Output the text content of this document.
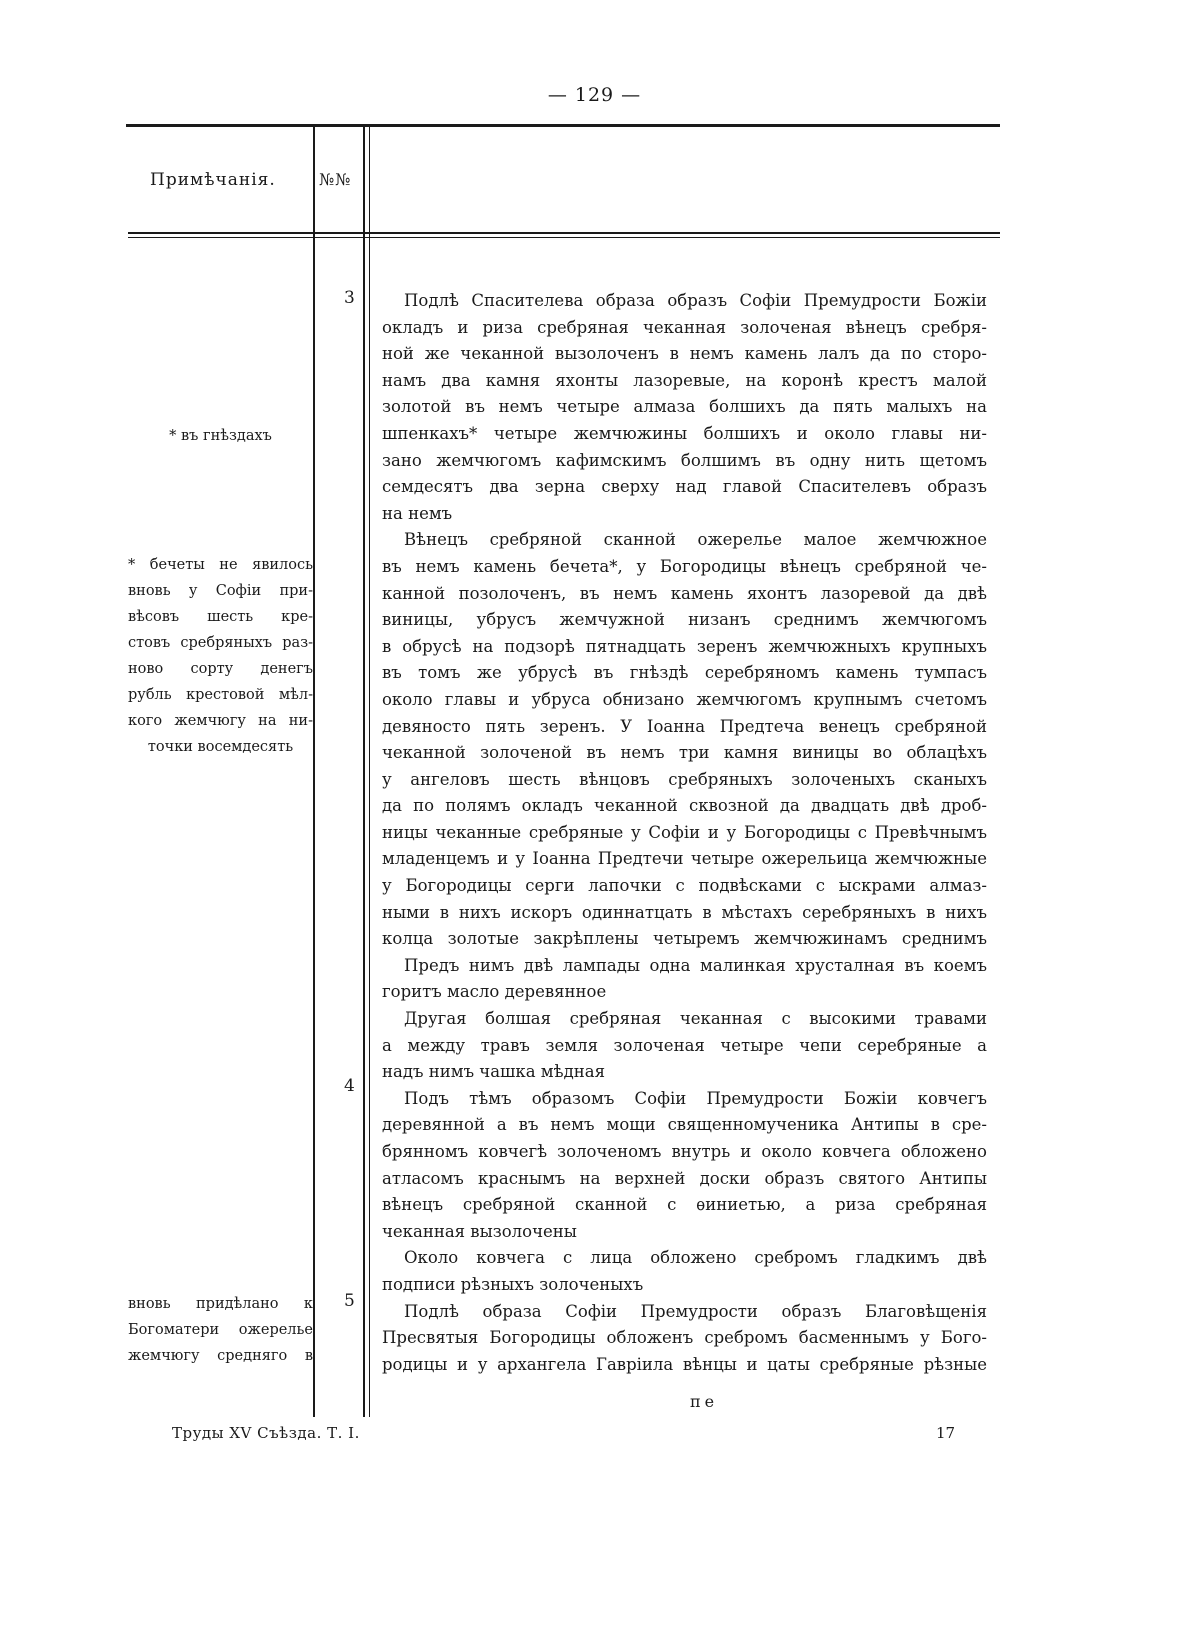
— 129 —
Примѣчанія.	№№
* въ гнѣздахъ
* бечеты не явилось
вновь у Софіи при-
вѣсовъ шесть кре-
стовъ сребряныхъ раз-
ново сорту денегъ
рубль крестовой мѣл-
кого жемчюгу на ни-
точки восемдесять
вновь придѣлано к
Богоматери ожерелье
жемчюгу средняго в
3
4
5
Подлѣ Спасителева образа образъ Софіи Премудрости Божіи
окладъ и риза сребряная чеканная золоченая вѣнецъ сребря-
ной же чеканной вызолоченъ в немъ камень лалъ да по сторо-
намъ два камня яхонты лазоревые, на коронѣ крестъ малой
золотой въ немъ четыре алмаза болшихъ да пять малыхъ на
шпенкахъ* четыре жемчюжины болшихъ и около главы ни-
зано жемчюгомъ кафимскимъ болшимъ въ одну нить щетомъ
семдесятъ два зерна сверху над главой Спасителевъ образъ
на немъ
Вѣнецъ сребряной сканной ожерелье малое жемчюжное
въ немъ камень бечета*, у Богородицы вѣнецъ сребряной че-
канной позолоченъ, въ немъ камень яхонтъ лазоревой да двѣ
виницы, убрусъ жемчужной низанъ среднимъ жемчюгомъ
в обрусѣ на подзорѣ пятнадцать зеренъ жемчюжныхъ крупныхъ
въ томъ же убрусѣ въ гнѣздѣ серебряномъ камень тумпасъ
около главы и убруса обнизано жемчюгомъ крупнымъ счетомъ
девяносто пять зеренъ. У Іоанна Предтеча венецъ сребряной
чеканной золоченой въ немъ три камня виницы во облацѣхъ
у ангеловъ шесть вѣнцовъ сребряныхъ золоченыхъ сканыхъ
да по полямъ окладъ чеканной сквозной да двадцать двѣ дроб-
ницы чеканные сребряные у Софіи и у Богородицы с Превѣчнымъ
младенцемъ и у Іоанна Предтечи четыре ожерельица жемчюжные
у Богородицы серги лапочки с подвѣсками с ыскрами алмаз-
ными в нихъ искоръ одиннатцать в мѣстахъ серебряныхъ в нихъ
колца золотые закрѣплены четыремъ жемчюжинамъ среднимъ
Предъ нимъ двѣ лампады одна малинкая хрусталная въ коемъ
горитъ масло деревянное
Другая болшая сребряная чеканная с высокими травами
а между травъ земля золоченая четыре чепи серебряные а
надъ нимъ чашка мѣдная
Подъ тѣмъ образомъ Софіи Премудрости Божіи ковчегъ
деревянной а въ немъ мощи священномученика Антипы в сре-
брянномъ ковчегѣ золоченомъ внутрь и около ковчега обложено
атласомъ краснымъ на верхней доски образъ святого Антипы
вѣнецъ сребряной сканной с ѳиниетью, а риза сребряная
чеканная вызолочены
Около ковчега с лица обложено сребромъ гладкимъ двѣ
подписи рѣзныхъ золоченыхъ
Подлѣ образа Софіи Премудрости образъ Благовѣщенія
Пресвятыя Богородицы обложенъ сребромъ басменнымъ у Бого-
родицы и у архангела Гавріила вѣнцы и цаты сребряные рѣзные
пе
Труды XV Съѣзда. Т. I.	17
